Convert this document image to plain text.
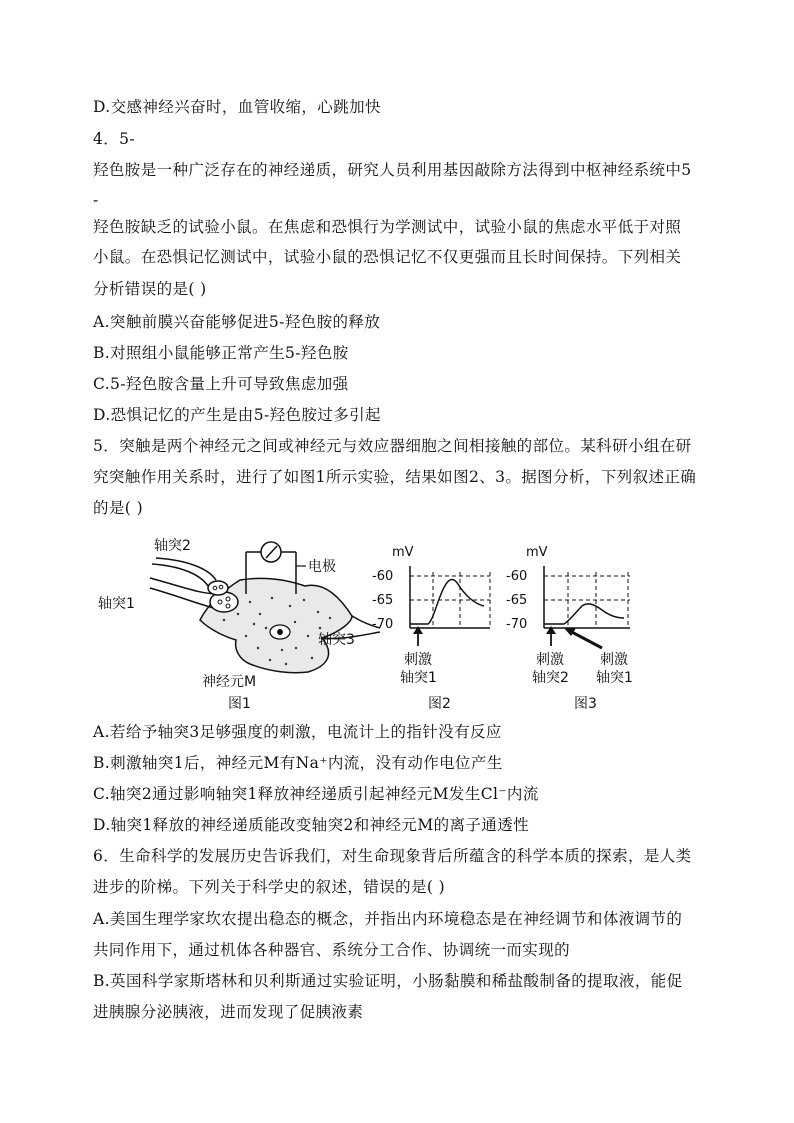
D.交感神经兴奋时，血管收缩，心跳加快
4．5-
羟色胺是一种广泛存在的神经递质，研究人员利用基因敲除方法得到中枢神经系统中5
-
羟色胺缺乏的试验小鼠。在焦虑和恐惧行为学测试中，试验小鼠的焦虑水平低于对照
小鼠。在恐惧记忆测试中，试验小鼠的恐惧记忆不仅更强而且长时间保持。下列相关
分析错误的是( )
A.突触前膜兴奋能够促进5-羟色胺的释放
B.对照组小鼠能够正常产生5-羟色胺
C.5-羟色胺含量上升可导致焦虑加强
D.恐惧记忆的产生是由5-羟色胺过多引起
5．突触是两个神经元之间或神经元与效应器细胞之间相接触的部位。某科研小组在研
究突触作用关系时，进行了如图1所示实验，结果如图2、3。据图分析，下列叙述正确
的是( )
轴突2
电极
轴突1
轴突3
神经元M
图1
mV
-60
-65
-70
刺激
轴突1
图2
mV
-60
-65
-70
刺激
轴突2
刺激
轴突1
图3
A.若给予轴突3足够强度的刺激，电流计上的指针没有反应
B.刺激轴突1后，神经元M有Na⁺内流，没有动作电位产生
C.轴突2通过影响轴突1释放神经递质引起神经元M发生Cl⁻内流
D.轴突1释放的神经递质能改变轴突2和神经元M的离子通透性
6．生命科学的发展历史告诉我们，对生命现象背后所蕴含的科学本质的探索，是人类
进步的阶梯。下列关于科学史的叙述，错误的是( )
A.美国生理学家坎农提出稳态的概念，并指出内环境稳态是在神经调节和体液调节的
共同作用下，通过机体各种器官、系统分工合作、协调统一而实现的
B.英国科学家斯塔林和贝利斯通过实验证明，小肠黏膜和稀盐酸制备的提取液，能促
进胰腺分泌胰液，进而发现了促胰液素
